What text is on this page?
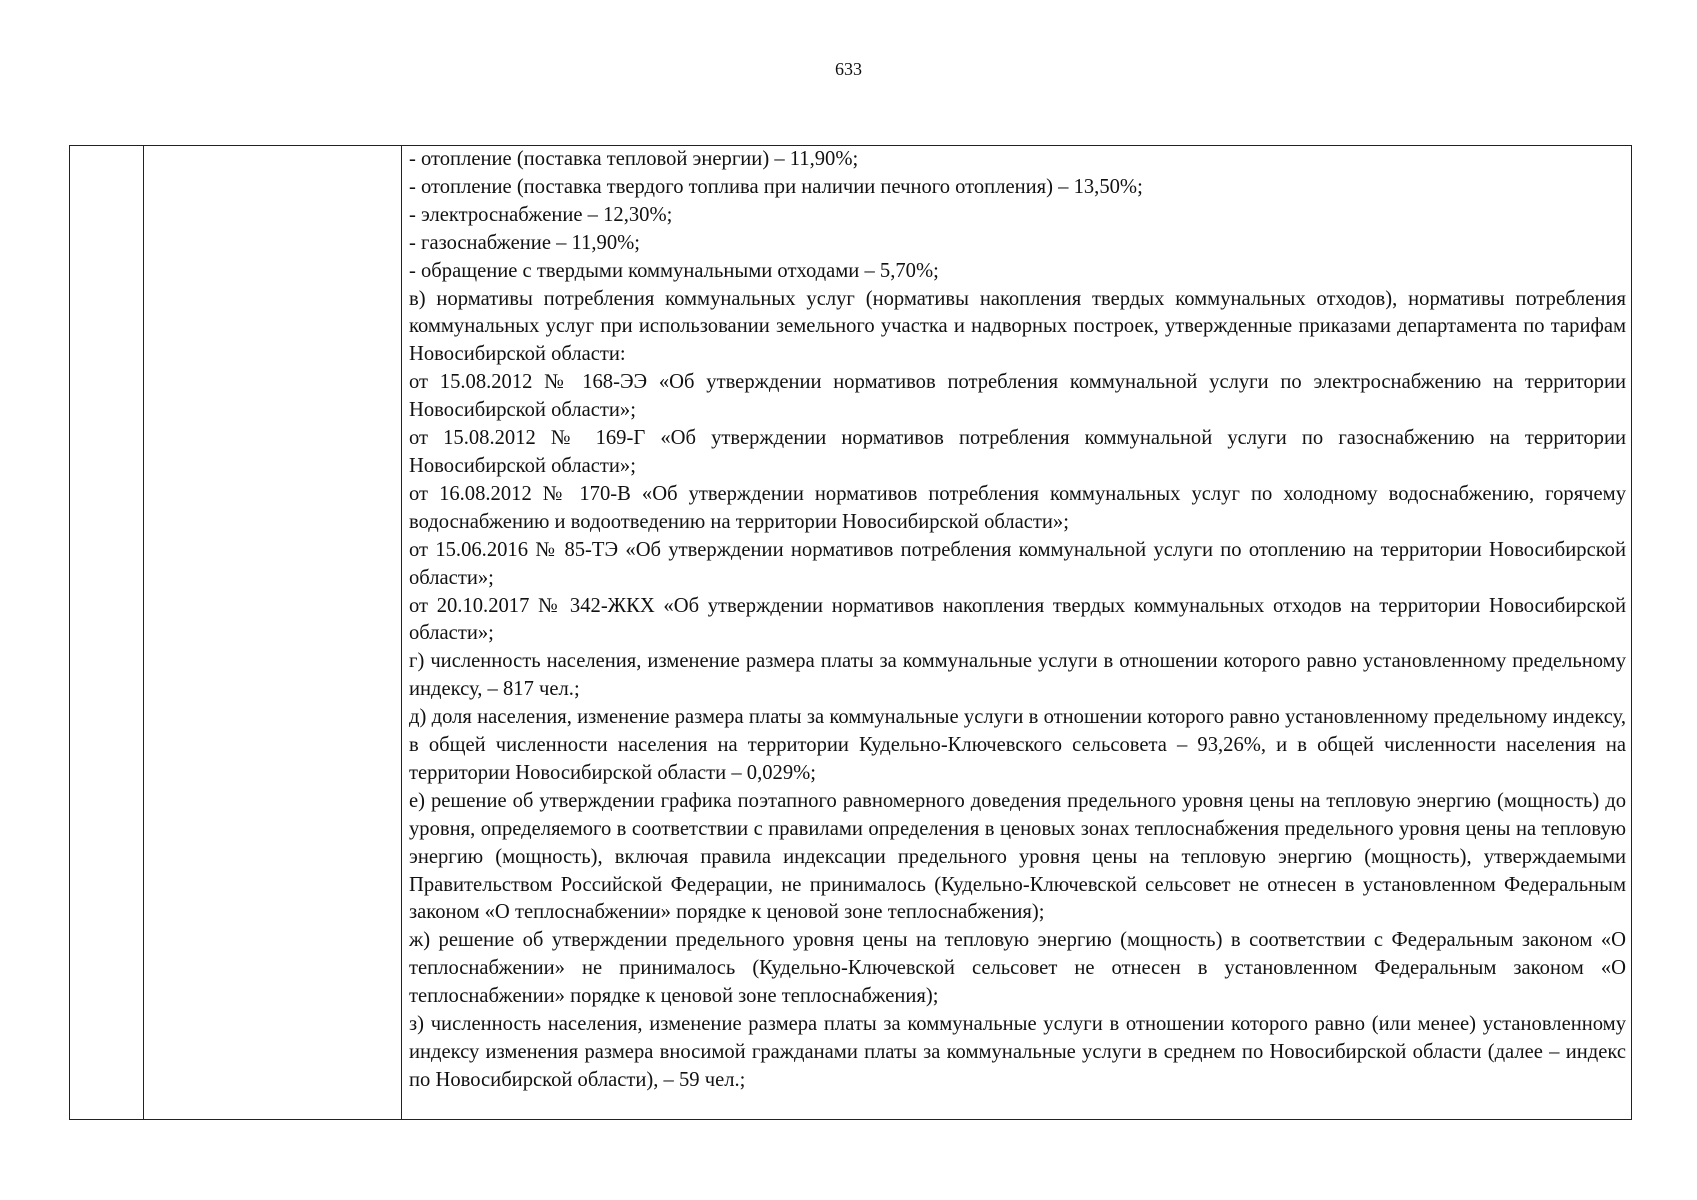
633

- отопление (поставка тепловой энергии) – 11,90%;

- отопление (поставка твердого топлива при наличии печного отопления) – 13,50%;

- электроснабжение – 12,30%;

- газоснабжение – 11,90%;

- обращение с твердыми коммунальными отходами – 5,70%;

в) нормативы потребления коммунальных услуг (нормативы накопления твердых коммунальных отходов), нормативы потребления коммунальных услуг при использовании земельного участка и надворных построек, утвержденные приказами департамента по тарифам Новосибирской области:

от 15.08.2012 № 168-ЭЭ «Об утверждении нормативов потребления коммунальной услуги по электроснабжению на территории Новосибирской области»;

от 15.08.2012 № 169-Г «Об утверждении нормативов потребления коммунальной услуги по газоснабжению на территории Новосибирской области»;

от 16.08.2012 № 170-В «Об утверждении нормативов потребления коммунальных услуг по холодному водоснабжению, горячему водоснабжению и водоотведению на территории Новосибирской области»;

от 15.06.2016 № 85-ТЭ «Об утверждении нормативов потребления коммунальной услуги по отоплению на территории Новосибирской области»;

от 20.10.2017 № 342-ЖКХ «Об утверждении нормативов накопления твердых коммунальных отходов на территории Новосибирской области»;

г) численность населения, изменение размера платы за коммунальные услуги в отношении которого равно установленному предельному индексу, – 817 чел.;

д) доля населения, изменение размера платы за коммунальные услуги в отношении которого равно установленному предельному индексу, в общей численности населения на территории Кудельно-Ключевского сельсовета – 93,26%, и в общей численности населения на территории Новосибирской области – 0,029%;

е) решение об утверждении графика поэтапного равномерного доведения предельного уровня цены на тепловую энергию (мощность) до уровня, определяемого в соответствии с правилами определения в ценовых зонах теплоснабжения предельного уровня цены на тепловую энергию (мощность), включая правила индексации предельного уровня цены на тепловую энергию (мощность), утверждаемыми Правительством Российской Федерации, не принималось (Кудельно-Ключевской сельсовет не отнесен в установленном Федеральным законом «О теплоснабжении» порядке к ценовой зоне теплоснабжения);

ж) решение об утверждении предельного уровня цены на тепловую энергию (мощность) в соответствии с Федеральным законом «О теплоснабжении» не принималось (Кудельно-Ключевской сельсовет не отнесен в установленном Федеральным законом «О теплоснабжении» порядке к ценовой зоне теплоснабжения);

з) численность населения, изменение размера платы за коммунальные услуги в отношении которого равно (или менее) установленному индексу изменения размера вносимой гражданами платы за коммунальные услуги в среднем по Новосибирской области (далее – индекс по Новосибирской области), – 59 чел.;
